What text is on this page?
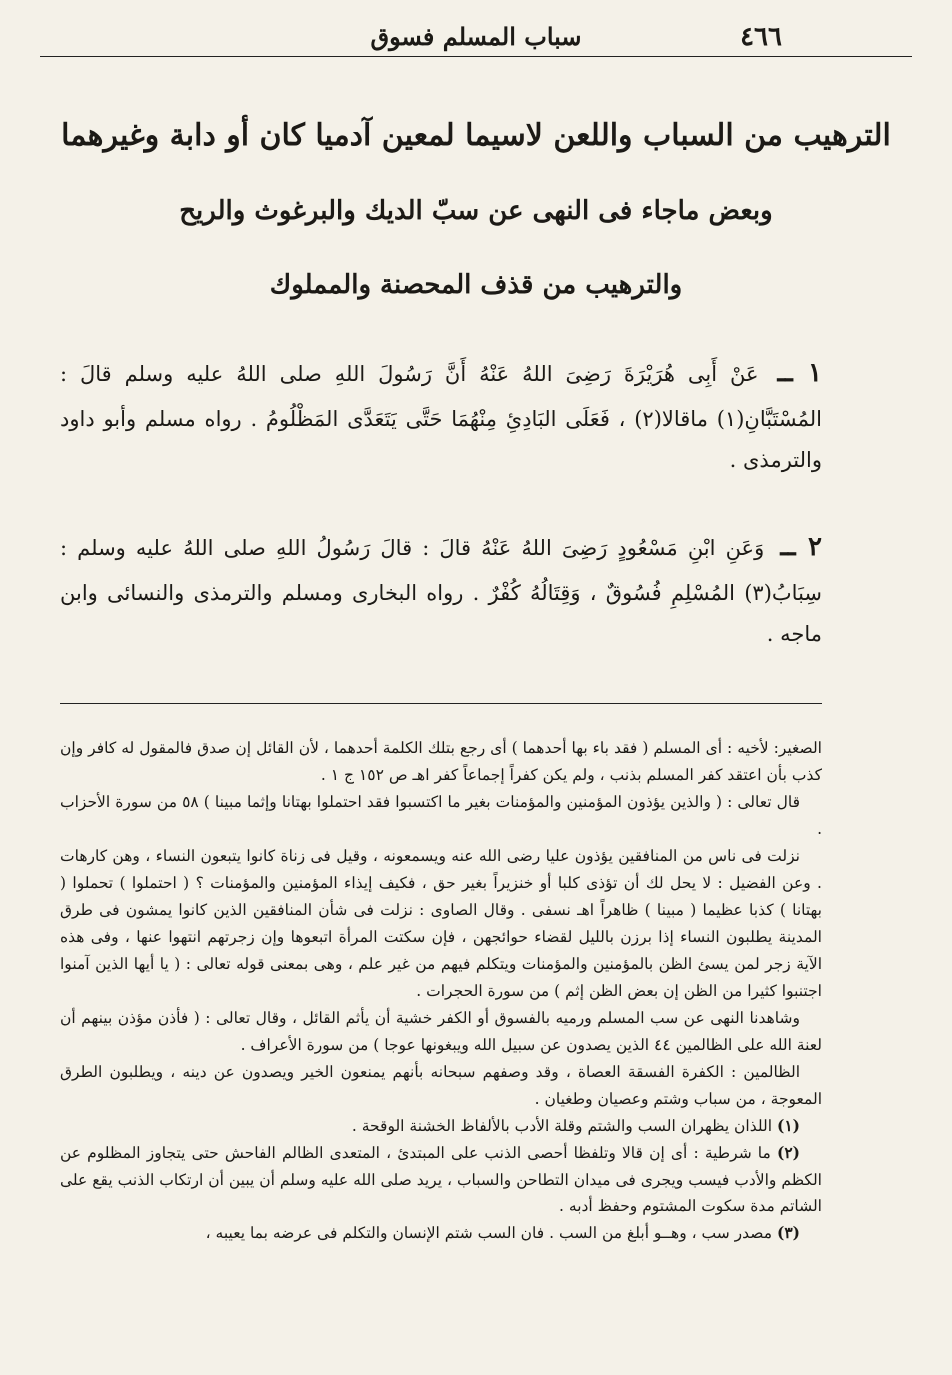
٤٦٦
سباب المسلم فسوق
الترهيب من السباب واللعن لاسيما لمعين آدميا كان أو دابة وغيرهما
وبعض ماجاء فى النهى عن سبّ الديك والبرغوث والريح
والترهيب من قذف المحصنة والمملوك
١ ــ عَنْ أَبِى هُرَيْرَةَ رَضِىَ اللهُ عَنْهُ أَنَّ رَسُولَ اللهِ صلى اللهُ عليه وسلم قالَ : المُسْتَبَّانِ(١) ماقالا(٢) ، فَعَلَى البَادِئِ مِنْهُمَا حَتَّى يَتَعَدَّى المَظْلُومُ . رواه مسلم وأبو داود والترمذى .
٢ ــ وَعَنِ ابْنِ مَسْعُودٍ رَضِىَ اللهُ عَنْهُ قالَ : قالَ رَسُولُ اللهِ صلى اللهُ عليه وسلم : سِبَابُ(٣) المُسْلِمِ فُسُوقٌ ، وَقِتَالُهُ كُفْرٌ . رواه البخارى ومسلم والترمذى والنسائى وابن ماجه .

الصغير: لأخيه : أى المسلم ( فقد باء بها أحدهما ) أى رجع بتلك الكلمة أحدهما ، لأن القائل إن صدق فالمقول له كافر وإن كذب بأن اعتقد كفر المسلم بذنب ، ولم يكن كفراً إجماعاً كفر اهـ ص ١٥٢ ج ١ .

قال تعالى : ( والذين يؤذون المؤمنين والمؤمنات بغير ما اكتسبوا فقد احتملوا بهتانا وإثما مبينا ) ٥٨ من سورة الأحزاب .

نزلت فى ناس من المنافقين يؤذون عليا رضى الله عنه ويسمعونه ، وقيل فى زناة كانوا يتبعون النساء ، وهن كارهات . وعن الفضيل : لا يحل لك أن تؤذى كلبا أو خنزيراً بغير حق ، فكيف إيذاء المؤمنين والمؤمنات ؟ ( احتملوا ) تحملوا ( بهتانا ) كذبا عظيما ( مبينا ) ظاهراً اهـ نسفى . وقال الصاوى : نزلت فى شأن المنافقين الذين كانوا يمشون فى طرق المدينة يطلبون النساء إذا برزن بالليل لقضاء حوائجهن ، فإن سكتت المرأة اتبعوها وإن زجرتهم انتهوا عنها ، وفى هذه الآية زجر لمن يسئ الظن بالمؤمنين والمؤمنات ويتكلم فيهم من غير علم ، وهى بمعنى قوله تعالى : ( يا أيها الذين آمنوا اجتنبوا كثيرا من الظن إن بعض الظن إثم ) من سورة الحجرات .

وشاهدنا النهى عن سب المسلم ورميه بالفسوق أو الكفر خشية أن يأثم القائل ، وقال تعالى : ( فأذن مؤذن بينهم أن لعنة الله على الظالمين ٤٤ الذين يصدون عن سبيل الله ويبغونها عوجا ) من سورة الأعراف .

الظالمين : الكفرة الفسقة العصاة ، وقد وصفهم سبحانه بأنهم يمنعون الخير ويصدون عن دينه ، ويطلبون الطرق المعوجة ، من سباب وشتم وعصيان وطغيان .

(١) اللذان يظهران السب والشتم وقلة الأدب بالألفاظ الخشنة الوقحة .

(٢) ما شرطية : أى إن قالا وتلفظا أحصى الذنب على المبتدئ ، المتعدى الظالم الفاحش حتى يتجاوز المظلوم عن الكظم والأدب فيسب ويجرى فى ميدان التطاحن والسباب ، يريد صلى الله عليه وسلم أن يبين أن ارتكاب الذنب يقع على الشاتم مدة سكوت المشتوم وحفظ أدبه .

(٣) مصدر سب ، وهــو أبلغ من السب . فان السب شتم الإنسان والتكلم فى عرضه بما يعيبه ،
